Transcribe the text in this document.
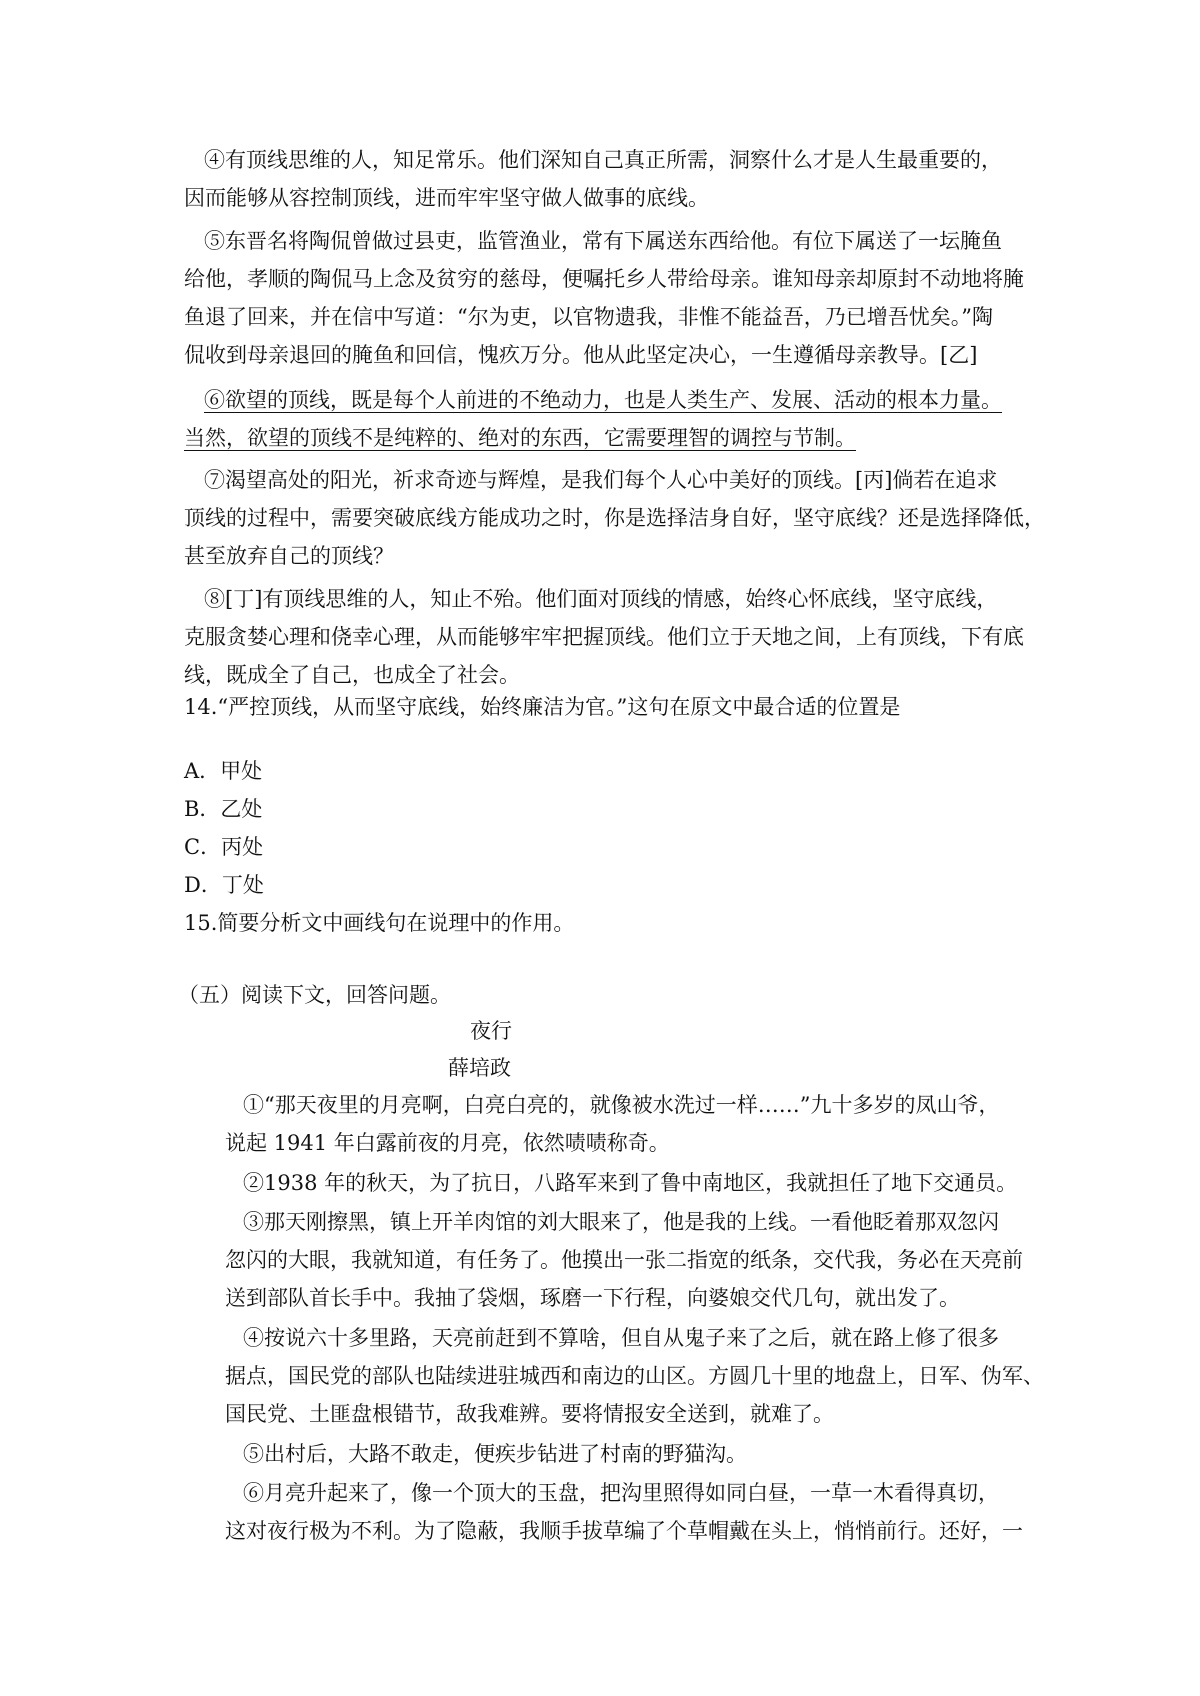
④有顶线思维的人，知足常乐。他们深知自己真正所需，洞察什么才是人生最重要的，
因而能够从容控制顶线，进而牢牢坚守做人做事的底线。
⑤东晋名将陶侃曾做过县吏，监管渔业，常有下属送东西给他。有位下属送了一坛腌鱼
给他，孝顺的陶侃马上念及贫穷的慈母，便嘱托乡人带给母亲。谁知母亲却原封不动地将腌
鱼退了回来，并在信中写道：“尔为吏，以官物遗我，非惟不能益吾，乃已增吾忧矣。”陶
侃收到母亲退回的腌鱼和回信，愧疚万分。他从此坚定决心，一生遵循母亲教导。[乙]
⑥欲望的顶线，既是每个人前进的不绝动力，也是人类生产、发展、活动的根本力量。
当然，欲望的顶线不是纯粹的、绝对的东西，它需要理智的调控与节制。
⑦渴望高处的阳光，祈求奇迹与辉煌，是我们每个人心中美好的顶线。[丙]倘若在追求
顶线的过程中，需要突破底线方能成功之时，你是选择洁身自好，坚守底线？还是选择降低，
甚至放弃自己的顶线？
⑧[丁]有顶线思维的人，知止不殆。他们面对顶线的情感，始终心怀底线，坚守底线，
克服贪婪心理和侥幸心理，从而能够牢牢把握顶线。他们立于天地之间，上有顶线，下有底
线，既成全了自己，也成全了社会。
14.“严控顶线，从而坚守底线，始终廉洁为官。”这句在原文中最合适的位置是
A．甲处
B．乙处
C．丙处
D．丁处
15.简要分析文中画线句在说理中的作用。
（五）阅读下文，回答问题。
夜行
薛培政
①“那天夜里的月亮啊，白亮白亮的，就像被水洗过一样……”九十多岁的凤山爷，
说起 1941 年白露前夜的月亮，依然啧啧称奇。
②1938 年的秋天，为了抗日，八路军来到了鲁中南地区，我就担任了地下交通员。
③那天刚擦黑，镇上开羊肉馆的刘大眼来了，他是我的上线。一看他眨着那双忽闪
忽闪的大眼，我就知道，有任务了。他摸出一张二指宽的纸条，交代我，务必在天亮前
送到部队首长手中。我抽了袋烟，琢磨一下行程，向婆娘交代几句，就出发了。
④按说六十多里路，天亮前赶到不算啥，但自从鬼子来了之后，就在路上修了很多
据点，国民党的部队也陆续进驻城西和南边的山区。方圆几十里的地盘上，日军、伪军、
国民党、土匪盘根错节，敌我难辨。要将情报安全送到，就难了。
⑤出村后，大路不敢走，便疾步钻进了村南的野猫沟。
⑥月亮升起来了，像一个顶大的玉盘，把沟里照得如同白昼，一草一木看得真切，
这对夜行极为不利。为了隐蔽，我顺手拔草编了个草帽戴在头上，悄悄前行。还好，一
